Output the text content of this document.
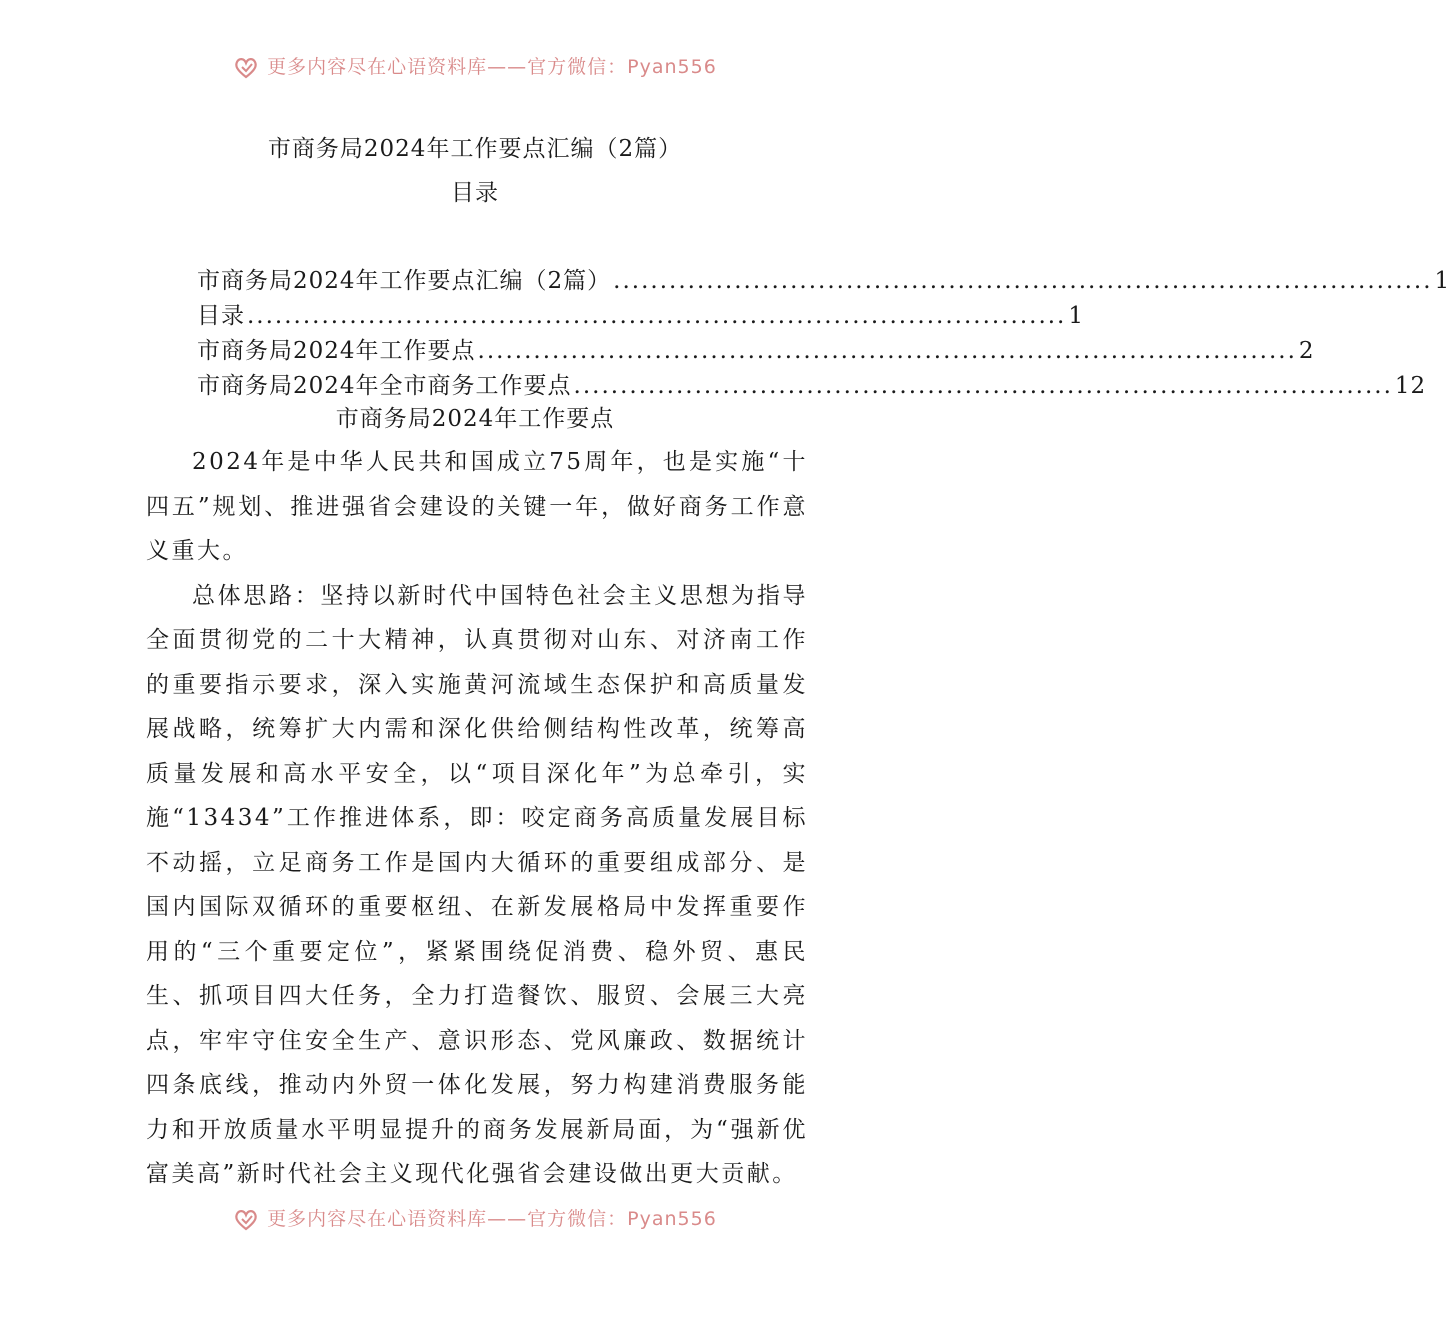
更多内容尽在心语资料库——官方微信：Pyan556
市商务局2024年工作要点汇编（2篇）
目录
市商务局2024年工作要点汇编（2篇） ........................................................................................ 1
目录 ........................................................................................ 1
市商务局2024年工作要点 ........................................................................................ 2
市商务局2024年全市商务工作要点 ........................................................................................ 12
市商务局2024年工作要点

2024年是中华人民共和国成立75周年，也是实施“十四五”规划、推进强省会建设的关键一年，做好商务工作意义重大。

总体思路：坚持以新时代中国特色社会主义思想为指导全面贯彻党的二十大精神，认真贯彻对山东、对济南工作的重要指示要求，深入实施黄河流域生态保护和高质量发展战略，统筹扩大内需和深化供给侧结构性改革，统筹高质量发展和高水平安全，以“项目深化年”为总牵引，实施“13434”工作推进体系，即：咬定商务高质量发展目标不动摇，立足商务工作是国内大循环的重要组成部分、是国内国际双循环的重要枢纽、在新发展格局中发挥重要作用的“三个重要定位”，紧紧围绕促消费、稳外贸、惠民生、抓项目四大任务，全力打造餐饮、服贸、会展三大亮点，牢牢守住安全生产、意识形态、党风廉政、数据统计四条底线，推动内外贸一体化发展，努力构建消费服务能力和开放质量水平明显提升的商务发展新局面，为“强新优富美高”新时代社会主义现代化强省会建设做出更大贡献。

更多内容尽在心语资料库——官方微信：Pyan556
